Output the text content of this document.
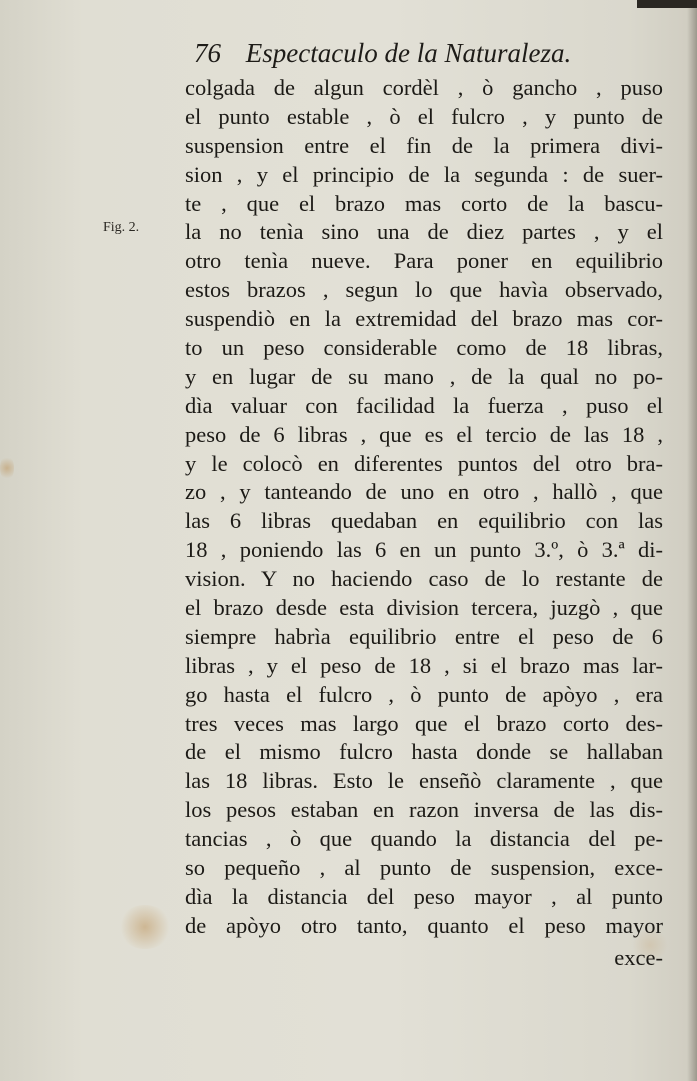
76 Espectaculo de la Naturaleza.
Fig. 2.
colgada de algun cordèl , ò gancho , puso
el punto estable , ò el fulcro , y punto de
suspension entre el fin de la primera divi-
sion , y el principio de la segunda : de suer-
te , que el brazo mas corto de la bascu-
la no tenìa sino una de diez partes , y el
otro tenìa nueve. Para poner en equilibrio
estos brazos , segun lo que havìa observado,
suspendiò en la extremidad del brazo mas cor-
to un peso considerable como de 18 libras,
y en lugar de su mano , de la qual no po-
dìa valuar con facilidad la fuerza , puso el
peso de 6 libras , que es el tercio de las 18 ,
y le colocò en diferentes puntos del otro bra-
zo , y tanteando de uno en otro , hallò , que
las 6 libras quedaban en equilibrio con las
18 , poniendo las 6 en un punto 3.º, ò 3.ª di-
vision. Y no haciendo caso de lo restante de
el brazo desde esta division tercera, juzgò , que
siempre habrìa equilibrio entre el peso de 6
libras , y el peso de 18 , si el brazo mas lar-
go hasta el fulcro , ò punto de apòyo , era
tres veces mas largo que el brazo corto des-
de el mismo fulcro hasta donde se hallaban
las 18 libras. Esto le enseñò claramente , que
los pesos estaban en razon inversa de las dis-
tancias , ò que quando la distancia del pe-
so pequeño , al punto de suspension, exce-
dìa la distancia del peso mayor , al punto
de apòyo otro tanto, quanto el peso mayor
exce-
